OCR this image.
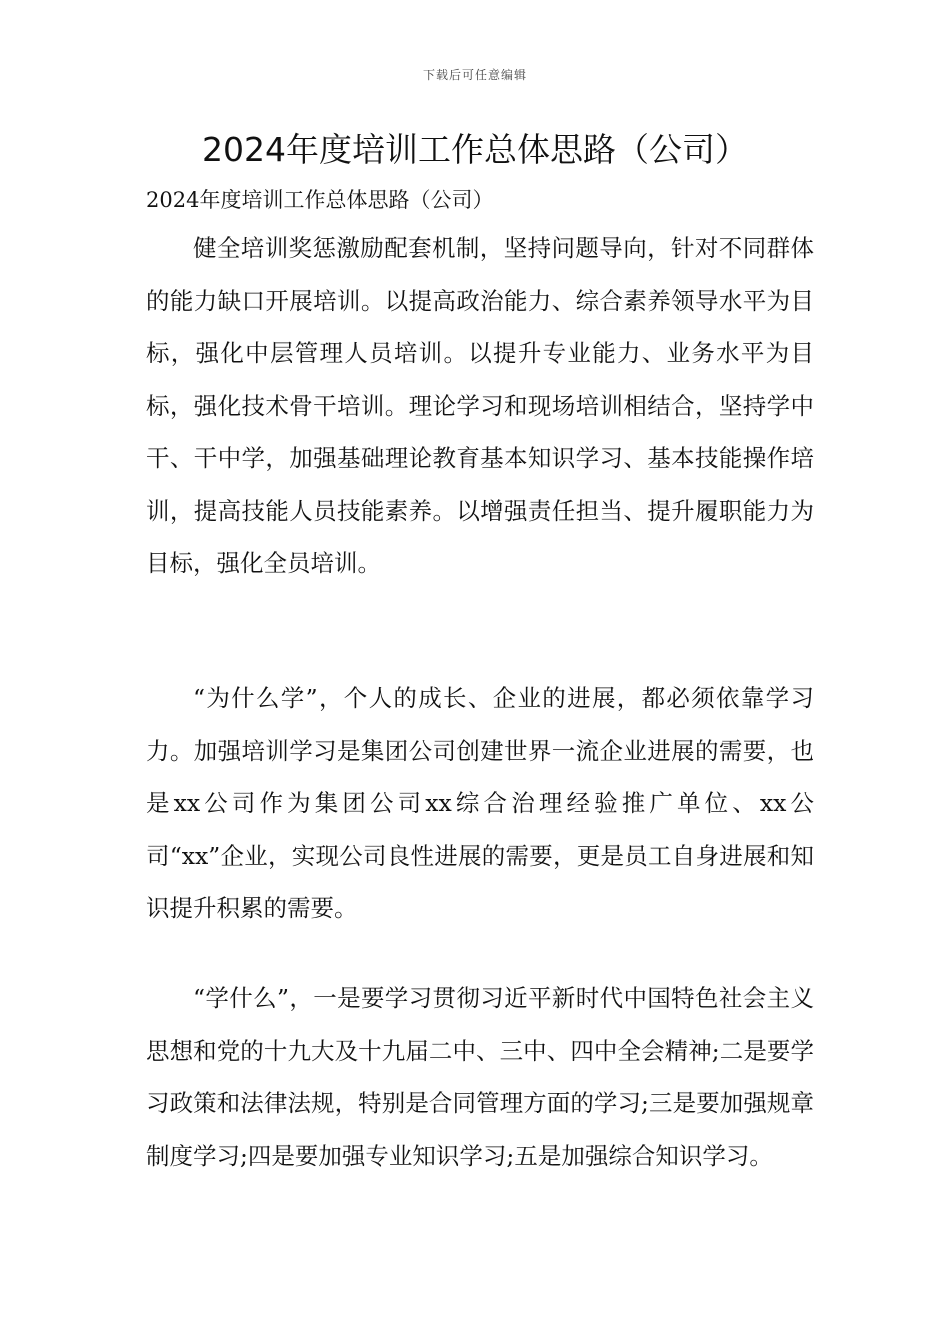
下载后可任意编辑
2024年度培训工作总体思路（公司）
2024年度培训工作总体思路（公司）

健全培训奖惩激励配套机制，坚持问题导向，针对不同群体的能力缺口开展培训。以提高政治能力、综合素养领导水平为目标，强化中层管理人员培训。以提升专业能力、业务水平为目标，强化技术骨干培训。理论学习和现场培训相结合，坚持学中干、干中学，加强基础理论教育基本知识学习、基本技能操作培训，提高技能人员技能素养。以增强责任担当、提升履职能力为目标，强化全员培训。

“为什么学”，个人的成长、企业的进展，都必须依靠学习力。加强培训学习是集团公司创建世界一流企业进展的需要，也是xx公司作为集团公司xx综合治理经验推广单位、xx公司“xx”企业，实现公司良性进展的需要，更是员工自身进展和知识提升积累的需要。

“学什么”，一是要学习贯彻习近平新时代中国特色社会主义思想和党的十九大及十九届二中、三中、四中全会精神;二是要学习政策和法律法规，特别是合同管理方面的学习;三是要加强规章制度学习;四是要加强专业知识学习;五是加强综合知识学习。
